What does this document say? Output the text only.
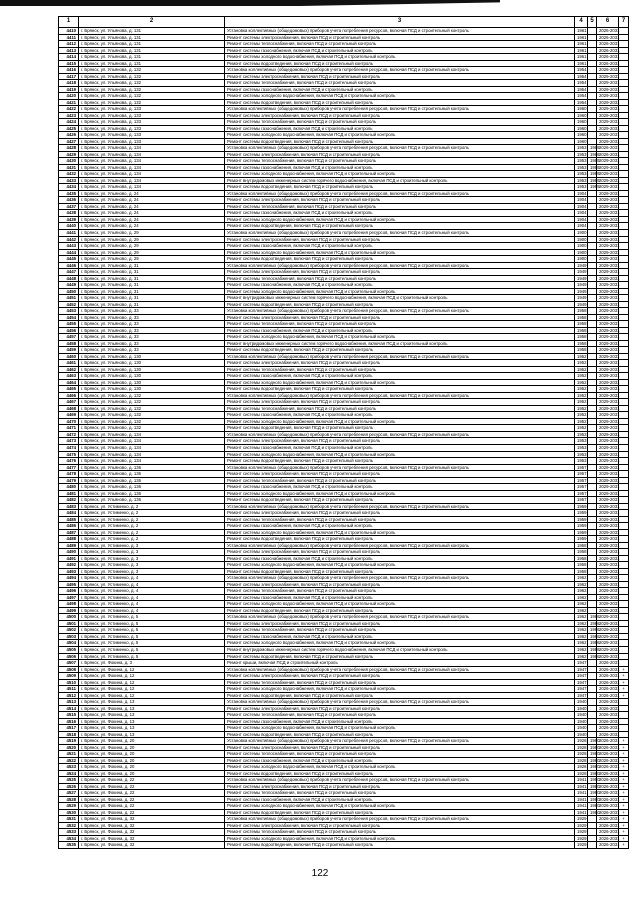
1	2	3	4	5	6	7
4410	г. Брянск, ул. Ульянова, д. 131	Установка коллективных (общедомовых) приборов учета потребления ресурсов, включая ПСД и строительный контроль	1961		2026-2031	
4411	г. Брянск, ул. Ульянова, д. 131	Ремонт системы электроснабжения, включая ПСД и строительный контроль	1961		2026-2031	
4412	г. Брянск, ул. Ульянова, д. 131	Ремонт системы теплоснабжения, включая ПСД и строительный контроль	1961		2026-2031	
4413	г. Брянск, ул. Ульянова, д. 131	Ремонт системы газоснабжения, включая ПСД и строительный контроль	1961		2026-2031	
4414	г. Брянск, ул. Ульянова, д. 131	Ремонт системы холодного водоснабжения, включая ПСД и строительный контроль	1961		2026-2031	
4415	г. Брянск, ул. Ульянова, д. 131	Ремонт системы водоотведения, включая ПСД и строительный контроль	1961		2026-2031	
4416	г. Брянск, ул. Ульянова, д. 132	Установка коллективных (общедомовых) приборов учета потребления ресурсов, включая ПСД и строительный контроль	1954		2026-2031	
4417	г. Брянск, ул. Ульянова, д. 132	Ремонт системы электроснабжения, включая ПСД и строительный контроль	1954		2029-2031	
4418	г. Брянск, ул. Ульянова, д. 132	Ремонт системы теплоснабжения, включая ПСД и строительный контроль	1954		2029-2031	
4419	г. Брянск, ул. Ульянова, д. 132	Ремонт системы газоснабжения, включая ПСД и строительный контроль	1954		2029-2031	
4420	г. Брянск, ул. Ульянова, д. 132	Ремонт системы холодного водоснабжения, включая ПСД и строительный контроль	1954		2029-2031	
4421	г. Брянск, ул. Ульянова, д. 132	Ремонт системы водоотведения, включая ПСД и строительный контроль	1954		2029-2031	
4422	г. Брянск, ул. Ульянова, д. 133	Установка коллективных (общедомовых) приборов учета потребления ресурсов, включая ПСД и строительный контроль	1960		2029-2031	
4423	г. Брянск, ул. Ульянова, д. 133	Ремонт системы электроснабжения, включая ПСД и строительный контроль	1960		2029-2031	
4424	г. Брянск, ул. Ульянова, д. 133	Ремонт системы теплоснабжения, включая ПСД и строительный контроль	1960		2029-2031	
4425	г. Брянск, ул. Ульянова, д. 133	Ремонт системы газоснабжения, включая ПСД и строительный контроль	1960		2029-2031	
4426	г. Брянск, ул. Ульянова, д. 133	Ремонт системы холодного водоснабжения, включая ПСД и строительный контроль	1960		2029-2031	
4427	г. Брянск, ул. Ульянова, д. 133	Ремонт системы водоотведения, включая ПСД и строительный контроль	1960		2029-2031	
4428	г. Брянск, ул. Ульянова, д. 134	Установка коллективных (общедомовых) приборов учета потребления ресурсов, включая ПСД и строительный контроль	1953	1989	2026-2031	
4429	г. Брянск, ул. Ульянова, д. 134	Ремонт системы электроснабжения, включая ПСД и строительный контроль	1953	1989	2026-2031	
4430	г. Брянск, ул. Ульянова, д. 134	Ремонт системы теплоснабжения, включая ПСД и строительный контроль	1953	1989	2029-2031	
4431	г. Брянск, ул. Ульянова, д. 134	Ремонт системы газоснабжения, включая ПСД и строительный контроль	1953	1989	2029-2031	
4432	г. Брянск, ул. Ульянова, д. 134	Ремонт системы холодного водоснабжения, включая ПСД и строительный контроль	1953	1989	2029-2031	
4433	г. Брянск, ул. Ульянова, д. 134	Ремонт внутридомовых инженерных систем горячего водоснабжения, включая ПСД и строительный контроль	1953	1989	2029-2031	
4434	г. Брянск, ул. Ульянова, д. 134	Ремонт системы водоотведения, включая ПСД и строительный контроль	1953	1989	2029-2031	
4435	г. Брянск, ул. Ульяново, д. 24	Установка коллективных (общедомовых) приборов учета потребления ресурсов, включая ПСД и строительный контроль	1904		2029-2031	
4436	г. Брянск, ул. Ульяново, д. 24	Ремонт системы электроснабжения, включая ПСД и строительный контроль	1904		2029-2031	
4437	г. Брянск, ул. Ульяново, д. 24	Ремонт системы теплоснабжения, включая ПСД и строительный контроль	1904		2029-2031	
4438	г. Брянск, ул. Ульяново, д. 24	Ремонт системы газоснабжения, включая ПСД и строительный контроль	1904		2029-2031	
4439	г. Брянск, ул. Ульяново, д. 24	Ремонт системы холодного водоснабжения, включая ПСД и строительный контроль	1904		2029-2031	
4440	г. Брянск, ул. Ульяново, д. 24	Ремонт системы водоотведения, включая ПСД и строительный контроль	1904		2029-2031	
4441	г. Брянск, ул. Ульяново, д. 29	Установка коллективных (общедомовых) приборов учета потребления ресурсов, включая ПСД и строительный контроль	1900		2029-2031	
4442	г. Брянск, ул. Ульяново, д. 29	Ремонт системы электроснабжения, включая ПСД и строительный контроль	1900		2029-2031	
4443	г. Брянск, ул. Ульяново, д. 29	Ремонт системы газоснабжения, включая ПСД и строительный контроль	1900		2029-2031	
4444	г. Брянск, ул. Ульяново, д. 29	Ремонт системы холодного водоснабжения, включая ПСД и строительный контроль	1900		2029-2031	
4445	г. Брянск, ул. Ульяново, д. 29	Ремонт системы водоотведения, включая ПСД и строительный контроль	1900		2029-2031	
4446	г. Брянск, ул. Ульяново, д. 31	Установка коллективных (общедомовых) приборов учета потребления ресурсов, включая ПСД и строительный контроль	1949		2029-2031	
4447	г. Брянск, ул. Ульяново, д. 31	Ремонт системы электроснабжения, включая ПСД и строительный контроль	1949		2029-2031	
4448	г. Брянск, ул. Ульяново, д. 31	Ремонт системы теплоснабжения, включая ПСД и строительный контроль	1949		2029-2031	
4449	г. Брянск, ул. Ульяново, д. 31	Ремонт системы газоснабжения, включая ПСД и строительный контроль	1949		2029-2031	
4450	г. Брянск, ул. Ульяново, д. 31	Ремонт системы холодного водоснабжения, включая ПСД и строительный контроль	1949		2029-2031	
4451	г. Брянск, ул. Ульяново, д. 31	Ремонт внутридомовых инженерных систем горячего водоснабжения, включая ПСД и строительный контроль	1949		2029-2031	
4452	г. Брянск, ул. Ульяново, д. 31	Ремонт системы водоотведения, включая ПСД и строительный контроль	1949		2029-2031	
4453	г. Брянск, ул. Ульяново, д. 33	Установка коллективных (общедомовых) приборов учета потребления ресурсов, включая ПСД и строительный контроль	1958		2029-2031	
4454	г. Брянск, ул. Ульяново, д. 33	Ремонт системы электроснабжения, включая ПСД и строительный контроль	1958		2029-2031	
4455	г. Брянск, ул. Ульяново, д. 33	Ремонт системы теплоснабжения, включая ПСД и строительный контроль	1958		2029-2031	
4456	г. Брянск, ул. Ульяново, д. 33	Ремонт системы газоснабжения, включая ПСД и строительный контроль	1958		2029-2031	
4457	г. Брянск, ул. Ульяново, д. 33	Ремонт системы холодного водоснабжения, включая ПСД и строительный контроль	1958		2029-2031	
4458	г. Брянск, ул. Ульяново, д. 33	Ремонт внутридомовых инженерных систем горячего водоснабжения, включая ПСД и строительный контроль	1958		2029-2031	
4459	г. Брянск, ул. Ульяново, д. 33	Ремонт системы водоотведения, включая ПСД и строительный контроль	1958		2029-2031	
4460	г. Брянск, ул. Ульяново, д. 130	Установка коллективных (общедомовых) приборов учета потребления ресурсов, включая ПСД и строительный контроль	1952		2029-2031	
4461	г. Брянск, ул. Ульяново, д. 130	Ремонт системы электроснабжения, включая ПСД и строительный контроль	1952		2029-2031	
4462	г. Брянск, ул. Ульяново, д. 130	Ремонт системы теплоснабжения, включая ПСД и строительный контроль	1952		2029-2031	
4463	г. Брянск, ул. Ульяново, д. 130	Ремонт системы газоснабжения, включая ПСД и строительный контроль	1952		2029-2031	
4464	г. Брянск, ул. Ульяново, д. 130	Ремонт системы холодного водоснабжения, включая ПСД и строительный контроль	1952		2029-2031	
4465	г. Брянск, ул. Ульяново, д. 130	Ремонт системы водоотведения, включая ПСД и строительный контроль	1952		2029-2031	
4466	г. Брянск, ул. Ульяново, д. 132	Установка коллективных (общедомовых) приборов учета потребления ресурсов, включая ПСД и строительный контроль	1952		2029-2031	
4467	г. Брянск, ул. Ульяново, д. 132	Ремонт системы электроснабжения, включая ПСД и строительный контроль	1952		2029-2031	
4468	г. Брянск, ул. Ульяново, д. 132	Ремонт системы теплоснабжения, включая ПСД и строительный контроль	1952		2029-2031	
4469	г. Брянск, ул. Ульяново, д. 132	Ремонт системы газоснабжения, включая ПСД и строительный контроль	1952		2029-2031	
4470	г. Брянск, ул. Ульяново, д. 132	Ремонт системы холодного водоснабжения, включая ПСД и строительный контроль	1952		2029-2031	
4471	г. Брянск, ул. Ульяново, д. 132	Ремонт системы водоотведения, включая ПСД и строительный контроль	1952		2029-2031	
4472	г. Брянск, ул. Ульяново, д. 134	Установка коллективных (общедомовых) приборов учета потребления ресурсов, включая ПСД и строительный контроль	1953		2029-2031	
4473	г. Брянск, ул. Ульяново, д. 134	Ремонт системы электроснабжения, включая ПСД и строительный контроль	1953		2029-2031	
4474	г. Брянск, ул. Ульяново, д. 134	Ремонт системы газоснабжения, включая ПСД и строительный контроль	1953		2029-2031	
4475	г. Брянск, ул. Ульяново, д. 134	Ремонт системы холодного водоснабжения, включая ПСД и строительный контроль	1953		2029-2031	
4476	г. Брянск, ул. Ульяново, д. 134	Ремонт системы водоотведения, включая ПСД и строительный контроль	1953		2029-2031	
4477	г. Брянск, ул. Ульяново, д. 136	Установка коллективных (общедомовых) приборов учета потребления ресурсов, включая ПСД и строительный контроль	1957		2029-2031	
4478	г. Брянск, ул. Ульяново, д. 136	Ремонт системы электроснабжения, включая ПСД и строительный контроль	1957		2029-2031	
4479	г. Брянск, ул. Ульяново, д. 136	Ремонт системы теплоснабжения, включая ПСД и строительный контроль	1957		2029-2031	
4480	г. Брянск, ул. Ульяново, д. 136	Ремонт системы газоснабжения, включая ПСД и строительный контроль	1957		2029-2031	
4481	г. Брянск, ул. Ульяново, д. 136	Ремонт системы холодного водоснабжения, включая ПСД и строительный контроль	1957		2029-2031	
4482	г. Брянск, ул. Ульяново, д. 136	Ремонт системы водоотведения, включая ПСД и строительный контроль	1957		2029-2031	
4483	г. Брянск, ул. Устименко, д. 2	Установка коллективных (общедомовых) приборов учета потребления ресурсов, включая ПСД и строительный контроль	1959		2029-2031	
4484	г. Брянск, ул. Устименко, д. 2	Ремонт системы электроснабжения, включая ПСД и строительный контроль	1959		2029-2031	
4485	г. Брянск, ул. Устименко, д. 2	Ремонт системы теплоснабжения, включая ПСД и строительный контроль	1959		2029-2031	
4486	г. Брянск, ул. Устименко, д. 2	Ремонт системы газоснабжения, включая ПСД и строительный контроль	1959		2029-2031	
4487	г. Брянск, ул. Устименко, д. 2	Ремонт системы холодного водоснабжения, включая ПСД и строительный контроль	1959		2029-2031	
4488	г. Брянск, ул. Устименко, д. 2	Ремонт системы водоотведения, включая ПСД и строительный контроль	1959		2029-2031	
4489	г. Брянск, ул. Устименко, д. 3	Установка коллективных (общедомовых) приборов учета потребления ресурсов, включая ПСД и строительный контроль	1958		2029-2031	
4490	г. Брянск, ул. Устименко, д. 3	Ремонт системы электроснабжения, включая ПСД и строительный контроль	1958		2029-2031	
4491	г. Брянск, ул. Устименко, д. 3	Ремонт системы газоснабжения, включая ПСД и строительный контроль	1958		2029-2031	
4492	г. Брянск, ул. Устименко, д. 3	Ремонт системы холодного водоснабжения, включая ПСД и строительный контроль	1958		2029-2031	
4493	г. Брянск, ул. Устименко, д. 3	Ремонт системы водоотведения, включая ПСД и строительный контроль	1958		2029-2031	
4494	г. Брянск, ул. Устименко, д. 4	Установка коллективных (общедомовых) приборов учета потребления ресурсов, включая ПСД и строительный контроль	1962		2029-2031	
4495	г. Брянск, ул. Устименко, д. 4	Ремонт системы электроснабжения, включая ПСД и строительный контроль	1962		2029-2031	
4496	г. Брянск, ул. Устименко, д. 4	Ремонт системы теплоснабжения, включая ПСД и строительный контроль	1962		2029-2031	
4497	г. Брянск, ул. Устименко, д. 4	Ремонт системы газоснабжения, включая ПСД и строительный контроль	1962		2029-2031	
4498	г. Брянск, ул. Устименко, д. 4	Ремонт системы холодного водоснабжения, включая ПСД и строительный контроль	1962		2029-2031	
4499	г. Брянск, ул. Устименко, д. 4	Ремонт системы водоотведения, включая ПСД и строительный контроль	1962		2029-2031	
4500	г. Брянск, ул. Устименко, д. 5	Установка коллективных (общедомовых) приборов учета потребления ресурсов, включая ПСД и строительный контроль	1962	1986	2029-2031	
4501	г. Брянск, ул. Устименко, д. 5	Ремонт системы электроснабжения, включая ПСД и строительный контроль	1962	1986	2029-2031	
4502	г. Брянск, ул. Устименко, д. 5	Ремонт системы теплоснабжения, включая ПСД и строительный контроль	1962	1986	2029-2031	
4503	г. Брянск, ул. Устименко, д. 5	Ремонт системы газоснабжения, включая ПСД и строительный контроль	1962	1986	2029-2031	
4504	г. Брянск, ул. Устименко, д. 5	Ремонт системы холодного водоснабжения, включая ПСД и строительный контроль	1962	1986	2029-2031	
4505	г. Брянск, ул. Устименко, д. 5	Ремонт внутридомовых инженерных систем горячего водоснабжения, включая ПСД и строительный контроль	1962	1986	2029-2031	
4506	г. Брянск, ул. Устименко, д. 5	Ремонт системы водоотведения, включая ПСД и строительный контроль	1962	1986	2029-2031	
4507	г. Брянск, ул. Фокина, д. 3	Ремонт крыши, включая ПСД и строительный контроль	1947		2026-2031	
4508	г. Брянск, ул. Фокина, д. 12	Установка коллективных (общедомовых) приборов учета потребления ресурсов, включая ПСД и строительный контроль	1947		2026-2031	+
4509	г. Брянск, ул. Фокина, д. 12	Ремонт системы электроснабжения, включая ПСД и строительный контроль	1947		2026-2031	+
4510	г. Брянск, ул. Фокина, д. 12	Ремонт системы теплоснабжения, включая ПСД и строительный контроль	1947		2026-2031	+
4511	г. Брянск, ул. Фокина, д. 12	Ремонт системы холодного водоснабжения, включая ПСД и строительный контроль	1947		2026-2031	+
4512	г. Брянск, ул. Фокина, д. 12	Ремонт системы водоотведения, включая ПСД и строительный контроль	1947		2026-2031	+
4513	г. Брянск, ул. Фокина, д. 13	Установка коллективных (общедомовых) приборов учета потребления ресурсов, включая ПСД и строительный контроль	1940		2026-2031	
4514	г. Брянск, ул. Фокина, д. 13	Ремонт системы электроснабжения, включая ПСД и строительный контроль	1940		2026-2031	
4515	г. Брянск, ул. Фокина, д. 13	Ремонт системы теплоснабжения, включая ПСД и строительный контроль	1940		2026-2031	
4516	г. Брянск, ул. Фокина, д. 13	Ремонт системы газоснабжения, включая ПСД и строительный контроль	1940		2026-2031	
4517	г. Брянск, ул. Фокина, д. 13	Ремонт системы холодного водоснабжения, включая ПСД и строительный контроль	1940		2026-2031	
4518	г. Брянск, ул. Фокина, д. 13	Ремонт системы водоотведения, включая ПСД и строительный контроль	1940		2026-2031	
4519	г. Брянск, ул. Фокина, д. 20	Установка коллективных (общедомовых) приборов учета потребления ресурсов, включая ПСД и строительный контроль	1928	1980	2026-2031	+
4520	г. Брянск, ул. Фокина, д. 20	Ремонт системы электроснабжения, включая ПСД и строительный контроль	1928	1980	2026-2031	+
4521	г. Брянск, ул. Фокина, д. 20	Ремонт системы теплоснабжения, включая ПСД и строительный контроль	1928	1980	2026-2031	+
4522	г. Брянск, ул. Фокина, д. 20	Ремонт системы газоснабжения, включая ПСД и строительный контроль	1928	1980	2026-2031	+
4523	г. Брянск, ул. Фокина, д. 20	Ремонт системы холодного водоснабжения, включая ПСД и строительный контроль	1928	1980	2026-2031	+
4524	г. Брянск, ул. Фокина, д. 20	Ремонт системы водоотведения, включая ПСД и строительный контроль	1928	1980	2026-2031	+
4525	г. Брянск, ул. Фокина, д. 22	Установка коллективных (общедомовых) приборов учета потребления ресурсов, включая ПСД и строительный контроль	1941	1980	2026-2031	+
4526	г. Брянск, ул. Фокина, д. 22	Ремонт системы электроснабжения, включая ПСД и строительный контроль	1941	1980	2026-2031	+
4527	г. Брянск, ул. Фокина, д. 22	Ремонт системы теплоснабжения, включая ПСД и строительный контроль	1941	1980	2026-2031	+
4528	г. Брянск, ул. Фокина, д. 22	Ремонт системы газоснабжения, включая ПСД и строительный контроль	1941	1980	2026-2031	+
4529	г. Брянск, ул. Фокина, д. 22	Ремонт системы холодного водоснабжения, включая ПСД и строительный контроль	1941	1980	2026-2031	+
4530	г. Брянск, ул. Фокина, д. 22	Ремонт системы водоотведения, включая ПСД и строительный контроль	1941	1980	2026-2031	+
4531	г. Брянск, ул. Фокина, д. 32	Установка коллективных (общедомовых) приборов учета потребления ресурсов, включая ПСД и строительный контроль	1929		2026-2031	+
4532	г. Брянск, ул. Фокина, д. 32	Ремонт системы электроснабжения, включая ПСД и строительный контроль	1929		2026-2031	+
4533	г. Брянск, ул. Фокина, д. 32	Ремонт системы теплоснабжения, включая ПСД и строительный контроль	1929		2026-2031	+
4534	г. Брянск, ул. Фокина, д. 32	Ремонт системы холодного водоснабжения, включая ПСД и строительный контроль	1929		2026-2031	+
4535	г. Брянск, ул. Фокина, д. 32	Ремонт системы водоотведения, включая ПСД и строительный контроль	1929		2026-2031	+
122
